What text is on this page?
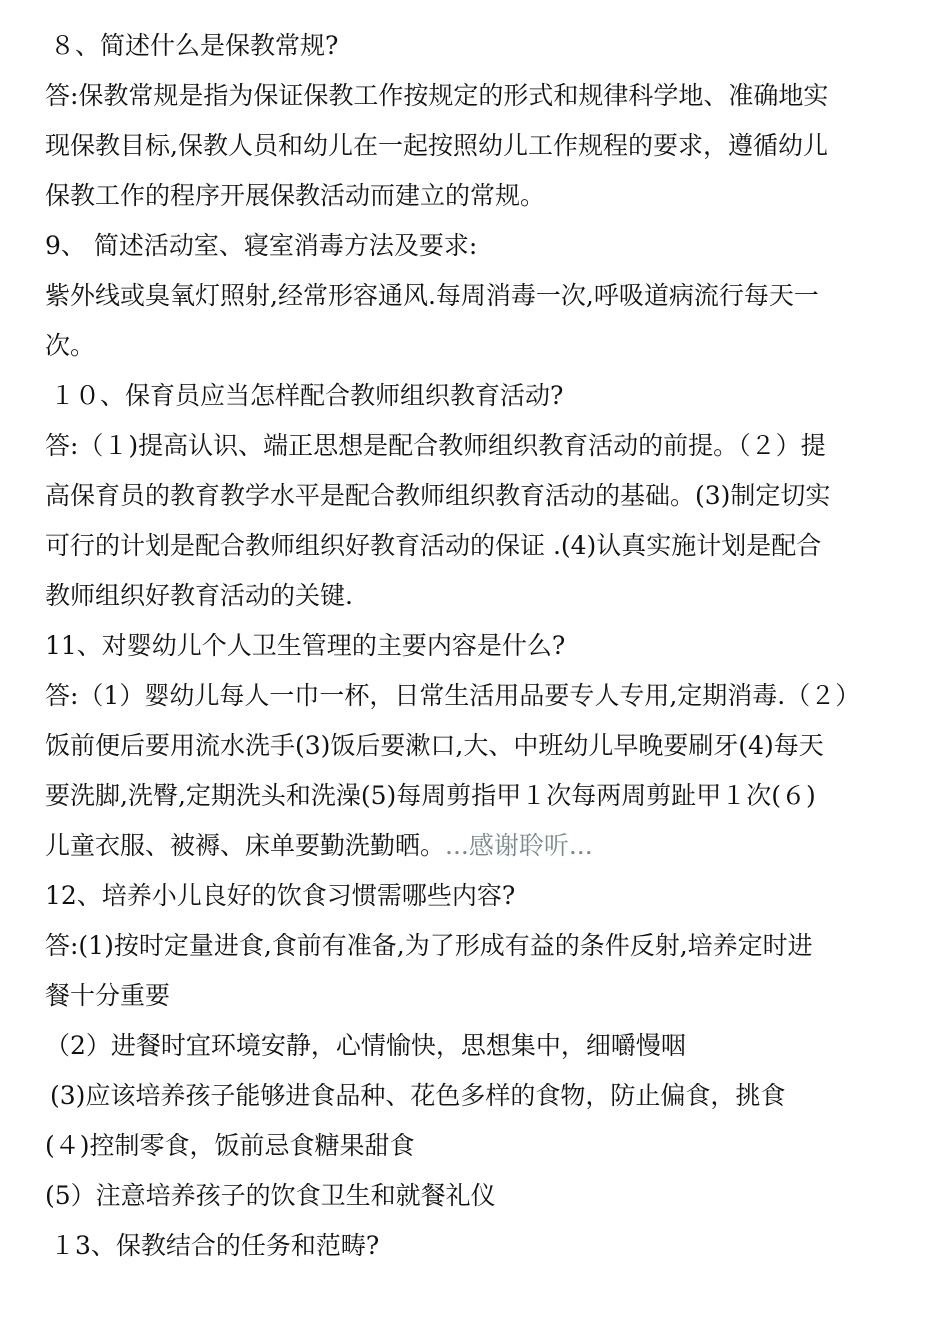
８、简述什么是保教常规?
答:保教常规是指为保证保教工作按规定的形式和规律科学地、准确地实
现保教目标,保教人员和幼儿在一起按照幼儿工作规程的要求，遵循幼儿
保教工作的程序开展保教活动而建立的常规。
9、 简述活动室、寝室消毒方法及要求:
紫外线或臭氧灯照射,经常形容通风.每周消毒一次,呼吸道病流行每天一
次。
１０、保育员应当怎样配合教师组织教育活动?
答:（１)提高认识、端正思想是配合教师组织教育活动的前提。（２）提
高保育员的教育教学水平是配合教师组织教育活动的基础。(3)制定切实
可行的计划是配合教师组织好教育活动的保证 .(4)认真实施计划是配合
教师组织好教育活动的关键.
11、对婴幼儿个人卫生管理的主要内容是什么?
答:（1）婴幼儿每人一巾一杯，日常生活用品要专人专用,定期消毒.（２）
饭前便后要用流水洗手(3)饭后要漱口,大、中班幼儿早晚要刷牙(4)每天
要洗脚,洗臀,定期洗头和洗澡(5)每周剪指甲１次每两周剪趾甲１次(６)
儿童衣服、被褥、床单要勤洗勤晒。...感谢聆听...
12、培养小儿良好的饮食习惯需哪些内容?
答:(1)按时定量进食,食前有准备,为了形成有益的条件反射,培养定时进
餐十分重要
（2）进餐时宜环境安静，心情愉快，思想集中，细嚼慢咽
(3)应该培养孩子能够进食品种、花色多样的食物，防止偏食，挑食
(４)控制零食，饭前忌食糖果甜食
(5）注意培养孩子的饮食卫生和就餐礼仪
１3、保教结合的任务和范畴?
